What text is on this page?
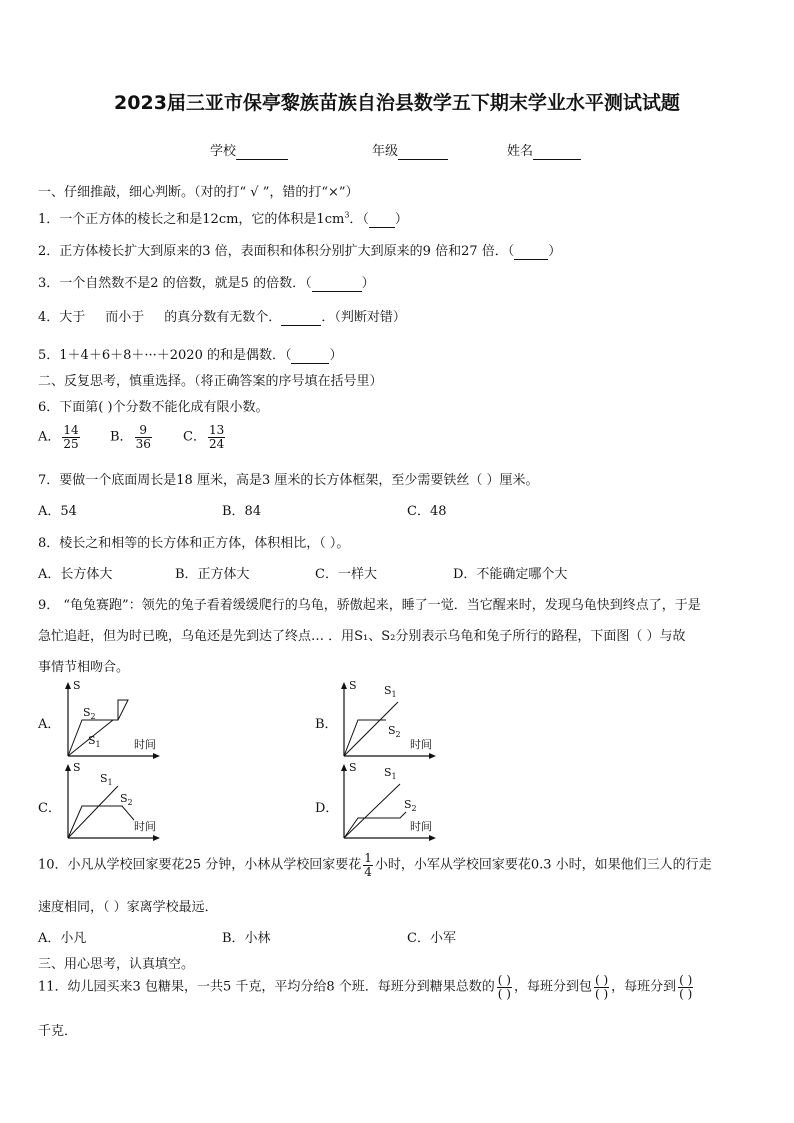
2023届三亚市保亭黎族苗族自治县数学五下期末学业水平测试试题
学校	年级	姓名
一、仔细推敲，细心判断。（对的打“ √ ”，错的打“×”）
1．一个正方体的棱长之和是12cm，它的体积是$1cm^3$．（ ）
2．正方体棱长扩大到原来的3 倍，表面积和体积分别扩大到原来的9 倍和27 倍．（	）
3．一个自然数不是2 的倍数，就是5 的倍数．（	）
4．大于 而小于 的真分数有无数个．	．（判断对错）
5．1＋4＋6＋8＋···＋2020 的和是偶数．（	）
二、反复思考，慎重选择。（将正确答案的序号填在括号里）
6．下面第( )个分数不能化成有限小数。
A． $\frac{14}{25}$ B． $\frac{9}{36}$ C． $\frac{13}{24}$
7．要做一个底面周长是18 厘米，高是3 厘米的长方体框架，至少需要铁丝（ ）厘米。
A．54	B．84	C．48
8．棱长之和相等的长方体和正方体，体积相比，（ ）。
A．长方体大	B．正方体大	C．一样大	D．不能确定哪个大
9． “龟兔赛跑”：领先的兔子看着缓缓爬行的乌龟，骄傲起来，睡了一觉．当它醒来时，发现乌龟快到终点了，于是
急忙追赶，但为时已晚，乌龟还是先到达了终点… ．用S₁、S₂分别表示乌龟和兔子所行的路程，下面图（ ）与故
事情节相吻合。
A．
S
$S_2$
$S_1$	时间
B．
S $S_1$
$S_2$
时间
C．
S
$S_1$
$S_2$
时间
D．
S $S_1$
$S_2$
时间
10．小凡从学校回家要花25 分钟，小林从学校回家要花 $\frac{1}{4}$ 小时，小军从学校回家要花0.3 小时，如果他们三人的行走
速度相同，（ ）家离学校最远．
A．小凡	B．小林	C．小军
三、用心思考，认真填空。
11．幼儿园买来3 包糖果，一共5 千克，平均分给8 个班．每班分到糖果总数的 $\frac{( )}{( )}$ ，每班分到包 $\frac{( )}{( )}$ ，每班分到 $\frac{( )}{( )}$
千克．
